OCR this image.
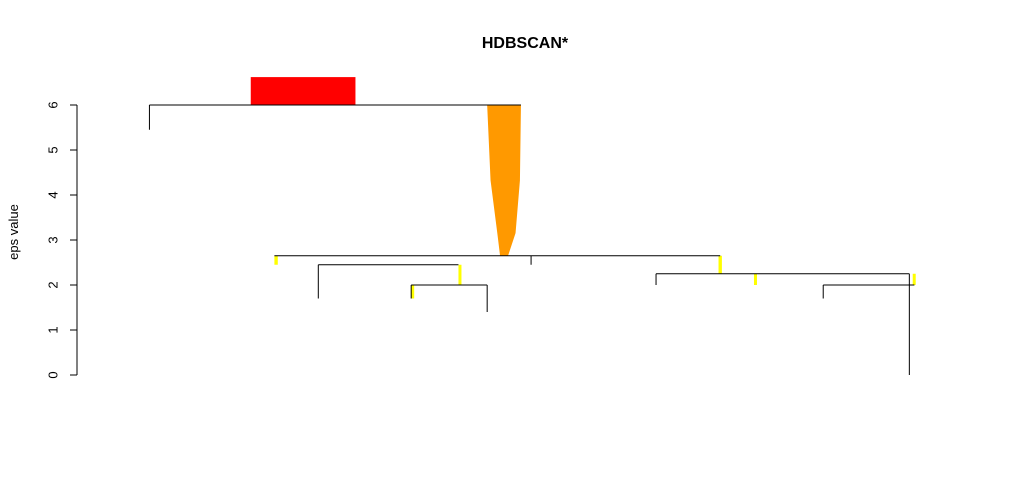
HDBSCAN*
eps value
0
1
2
3
4
5
6
